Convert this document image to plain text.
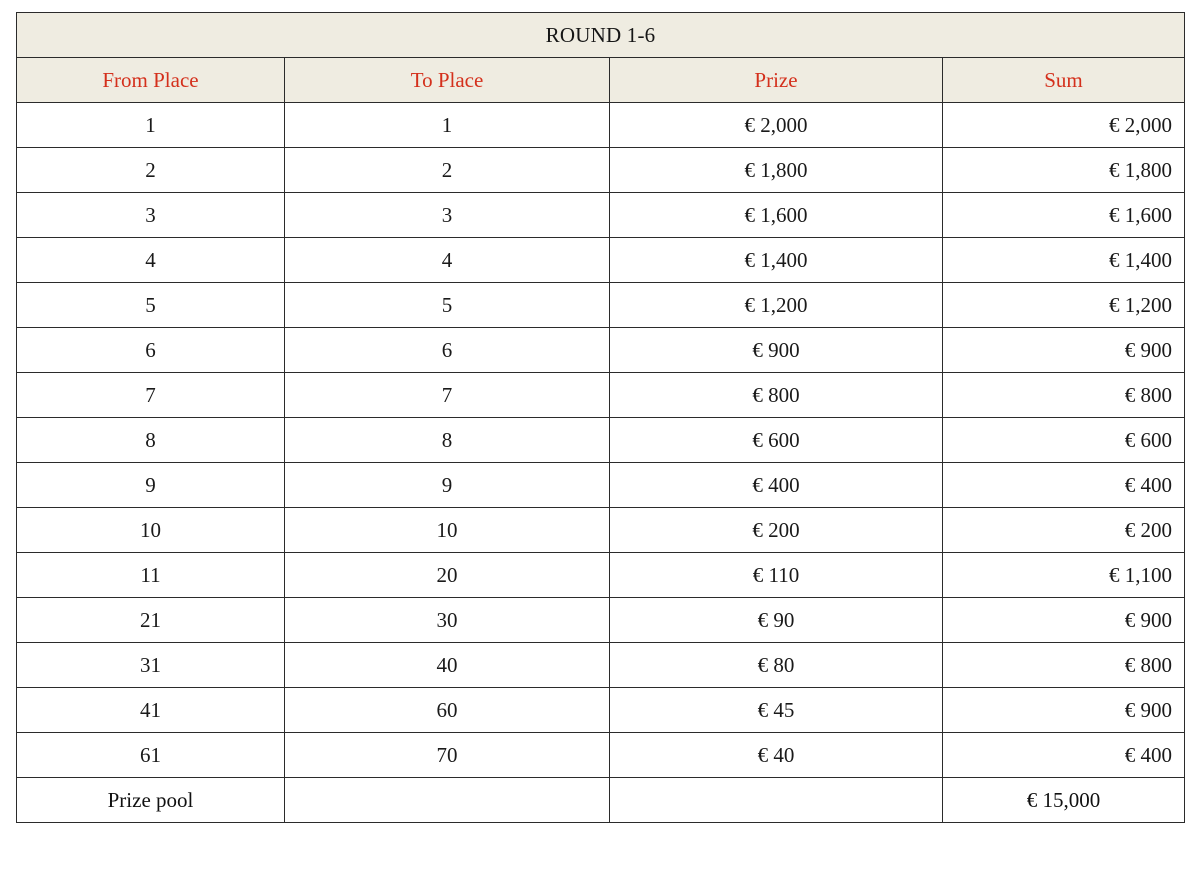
ROUND 1-6			
From Place	To Place	Prize	Sum
1	1	€ 2,000	€ 2,000
2	2	€ 1,800	€ 1,800
3	3	€ 1,600	€ 1,600
4	4	€ 1,400	€ 1,400
5	5	€ 1,200	€ 1,200
6	6	€ 900	€ 900
7	7	€ 800	€ 800
8	8	€ 600	€ 600
9	9	€ 400	€ 400
10	10	€ 200	€ 200
11	20	€ 110	€ 1,100
21	30	€ 90	€ 900
31	40	€ 80	€ 800
41	60	€ 45	€ 900
61	70	€ 40	€ 400
Prize pool			€ 15,000
